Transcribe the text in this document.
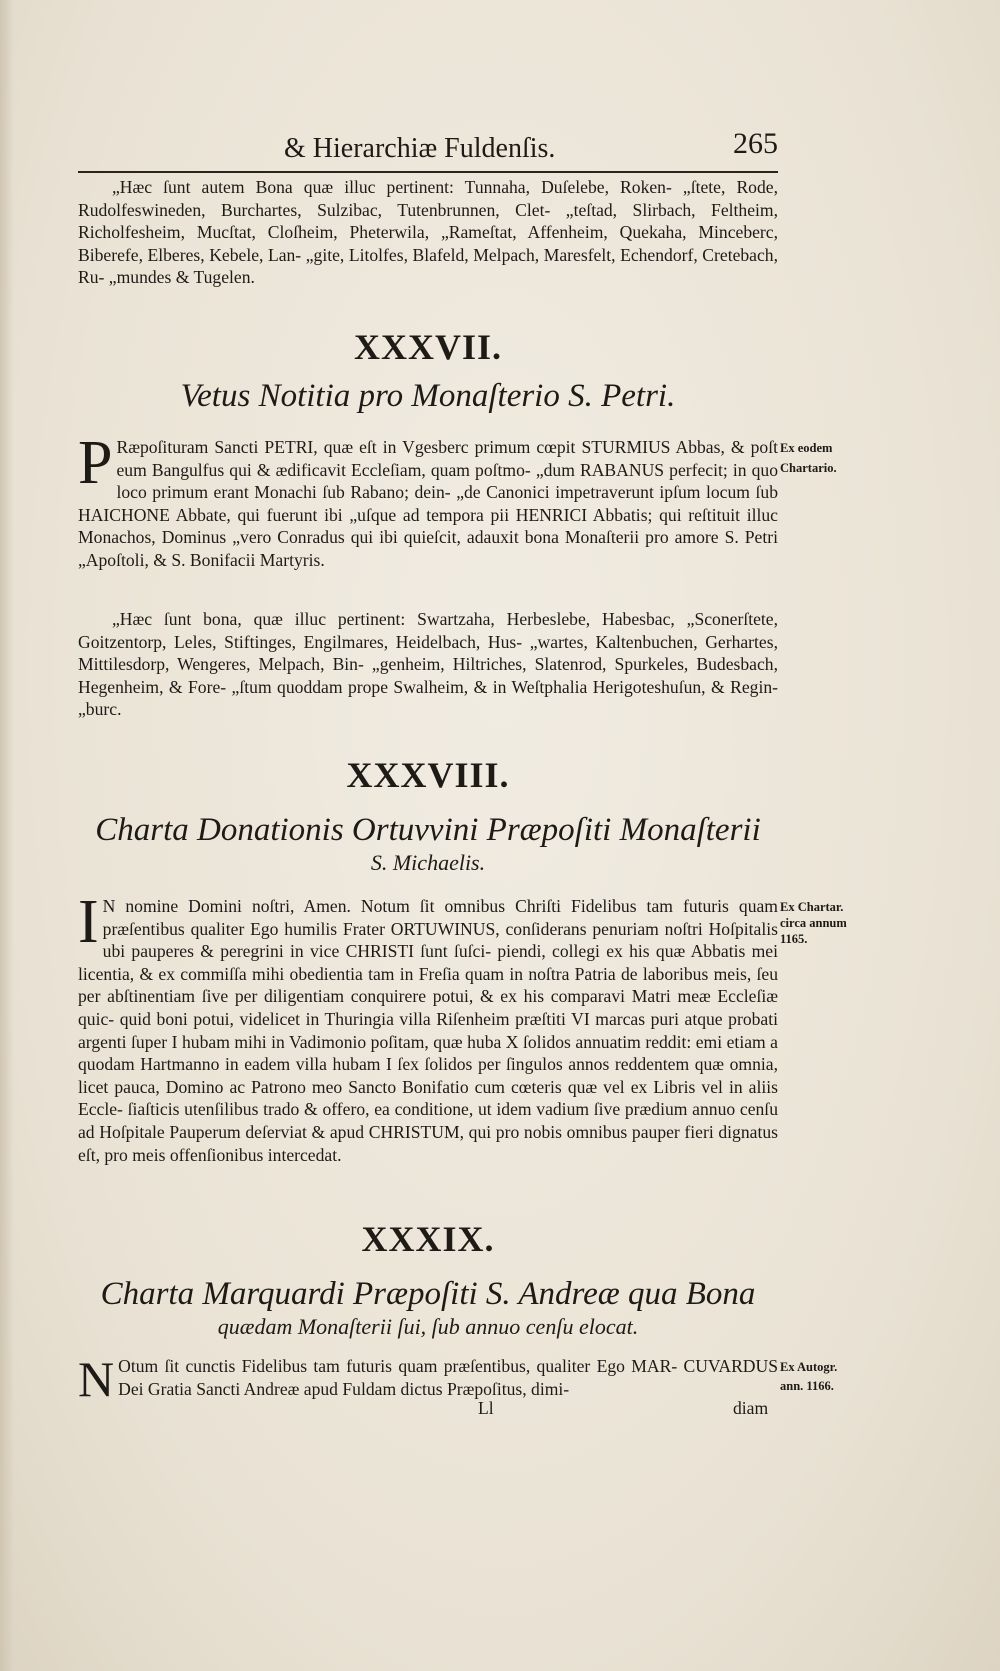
& Hierarchiæ Fuldenſis.	265

„Hæc ſunt autem Bona quæ illuc pertinent: Tunnaha, Duſelebe, Roken- „ſtete, Rode, Rudolfeswineden, Burchartes, Sulzibac, Tutenbrunnen, Clet- „teſtad, Slirbach, Feltheim, Richolfesheim, Mucſtat, Cloſheim, Pheterwila, „Rameſtat, Affenheim, Quekaha, Minceberc, Biberefe, Elberes, Kebele, Lan- „gite, Litolfes, Blafeld, Melpach, Maresfelt, Echendorf, Cretebach, Ru- „mundes & Tugelen.

XXXVII.
Vetus Notitia pro Monaſterio S. Petri.

P Ræpoſituram Sancti PETRI, quæ eſt in Vgesberc primum cœpit STURMIUS Abbas, & poſt eum Bangulfus qui & ædificavit Eccleſiam, quam poſtmo- „dum RABANUS perfecit; in quo loco primum erant Monachi ſub Rabano; dein- „de Canonici impetraverunt ipſum locum ſub HAICHONE Abbate, qui fuerunt ibi „uſque ad tempora pii HENRICI Abbatis; qui reſtituit illuc Monachos, Dominus „vero Conradus qui ibi quieſcit, adauxit bona Monaſterii pro amore S. Petri „Apoſtoli, & S. Bonifacii Martyris.

„Hæc ſunt bona, quæ illuc pertinent: Swartzaha, Herbeslebe, Habesbac, „Sconerſtete, Goitzentorp, Leles, Stiftinges, Engilmares, Heidelbach, Hus- „wartes, Kaltenbuchen, Gerhartes, Mittilesdorp, Wengeres, Melpach, Bin- „genheim, Hiltriches, Slatenrod, Spurkeles, Budesbach, Hegenheim, & Fore- „ſtum quoddam prope Swalheim, & in Weſtphalia Herigoteshuſun, & Regin- „burc.

Ex eodem
Chartario.
XXXVIII.
Charta Donationis Ortuvvini Præpoſiti Monaſterii
S. Michaelis.

I N nomine Domini noſtri, Amen. Notum ſit omnibus Chriſti Fidelibus tam futuris quam præſentibus qualiter Ego humilis Frater ORTUWINUS, conſiderans penuriam noſtri Hoſpitalis ubi pauperes & peregrini in vice CHRISTI ſunt ſuſci- piendi, collegi ex his quæ Abbatis mei licentia, & ex commiſſa mihi obedientia tam in Freſia quam in noſtra Patria de laboribus meis, ſeu per abſtinentiam ſive per diligentiam conquirere potui, & ex his comparavi Matri meæ Eccleſiæ quic- quid boni potui, videlicet in Thuringia villa Riſenheim præſtiti VI marcas puri atque probati argenti ſuper I hubam mihi in Vadimonio poſitam, quæ huba X ſolidos annuatim reddit: emi etiam a quodam Hartmanno in eadem villa hubam I ſex ſolidos per ſingulos annos reddentem quæ omnia, licet pauca, Domino ac Patrono meo Sancto Bonifatio cum cœteris quæ vel ex Libris vel in aliis Eccle- ſiaſticis utenſilibus trado & offero, ea conditione, ut idem vadium ſive prædium annuo cenſu ad Hoſpitale Pauperum deſerviat & apud CHRISTUM, qui pro nobis omnibus pauper fieri dignatus eſt, pro meis offenſionibus intercedat.

Ex Chartar.
circa annum
1165.
XXXIX.
Charta Marquardi Præpoſiti S. Andreæ qua Bona
quædam Monaſterii ſui, ſub annuo cenſu elocat.

N Otum ſit cunctis Fidelibus tam futuris quam præſentibus, qualiter Ego MAR- CUVARDUS Dei Gratia Sancti Andreæ apud Fuldam dictus Præpoſitus, dimi-

Ex Autogr.
ann. 1166.
Ll	diam
